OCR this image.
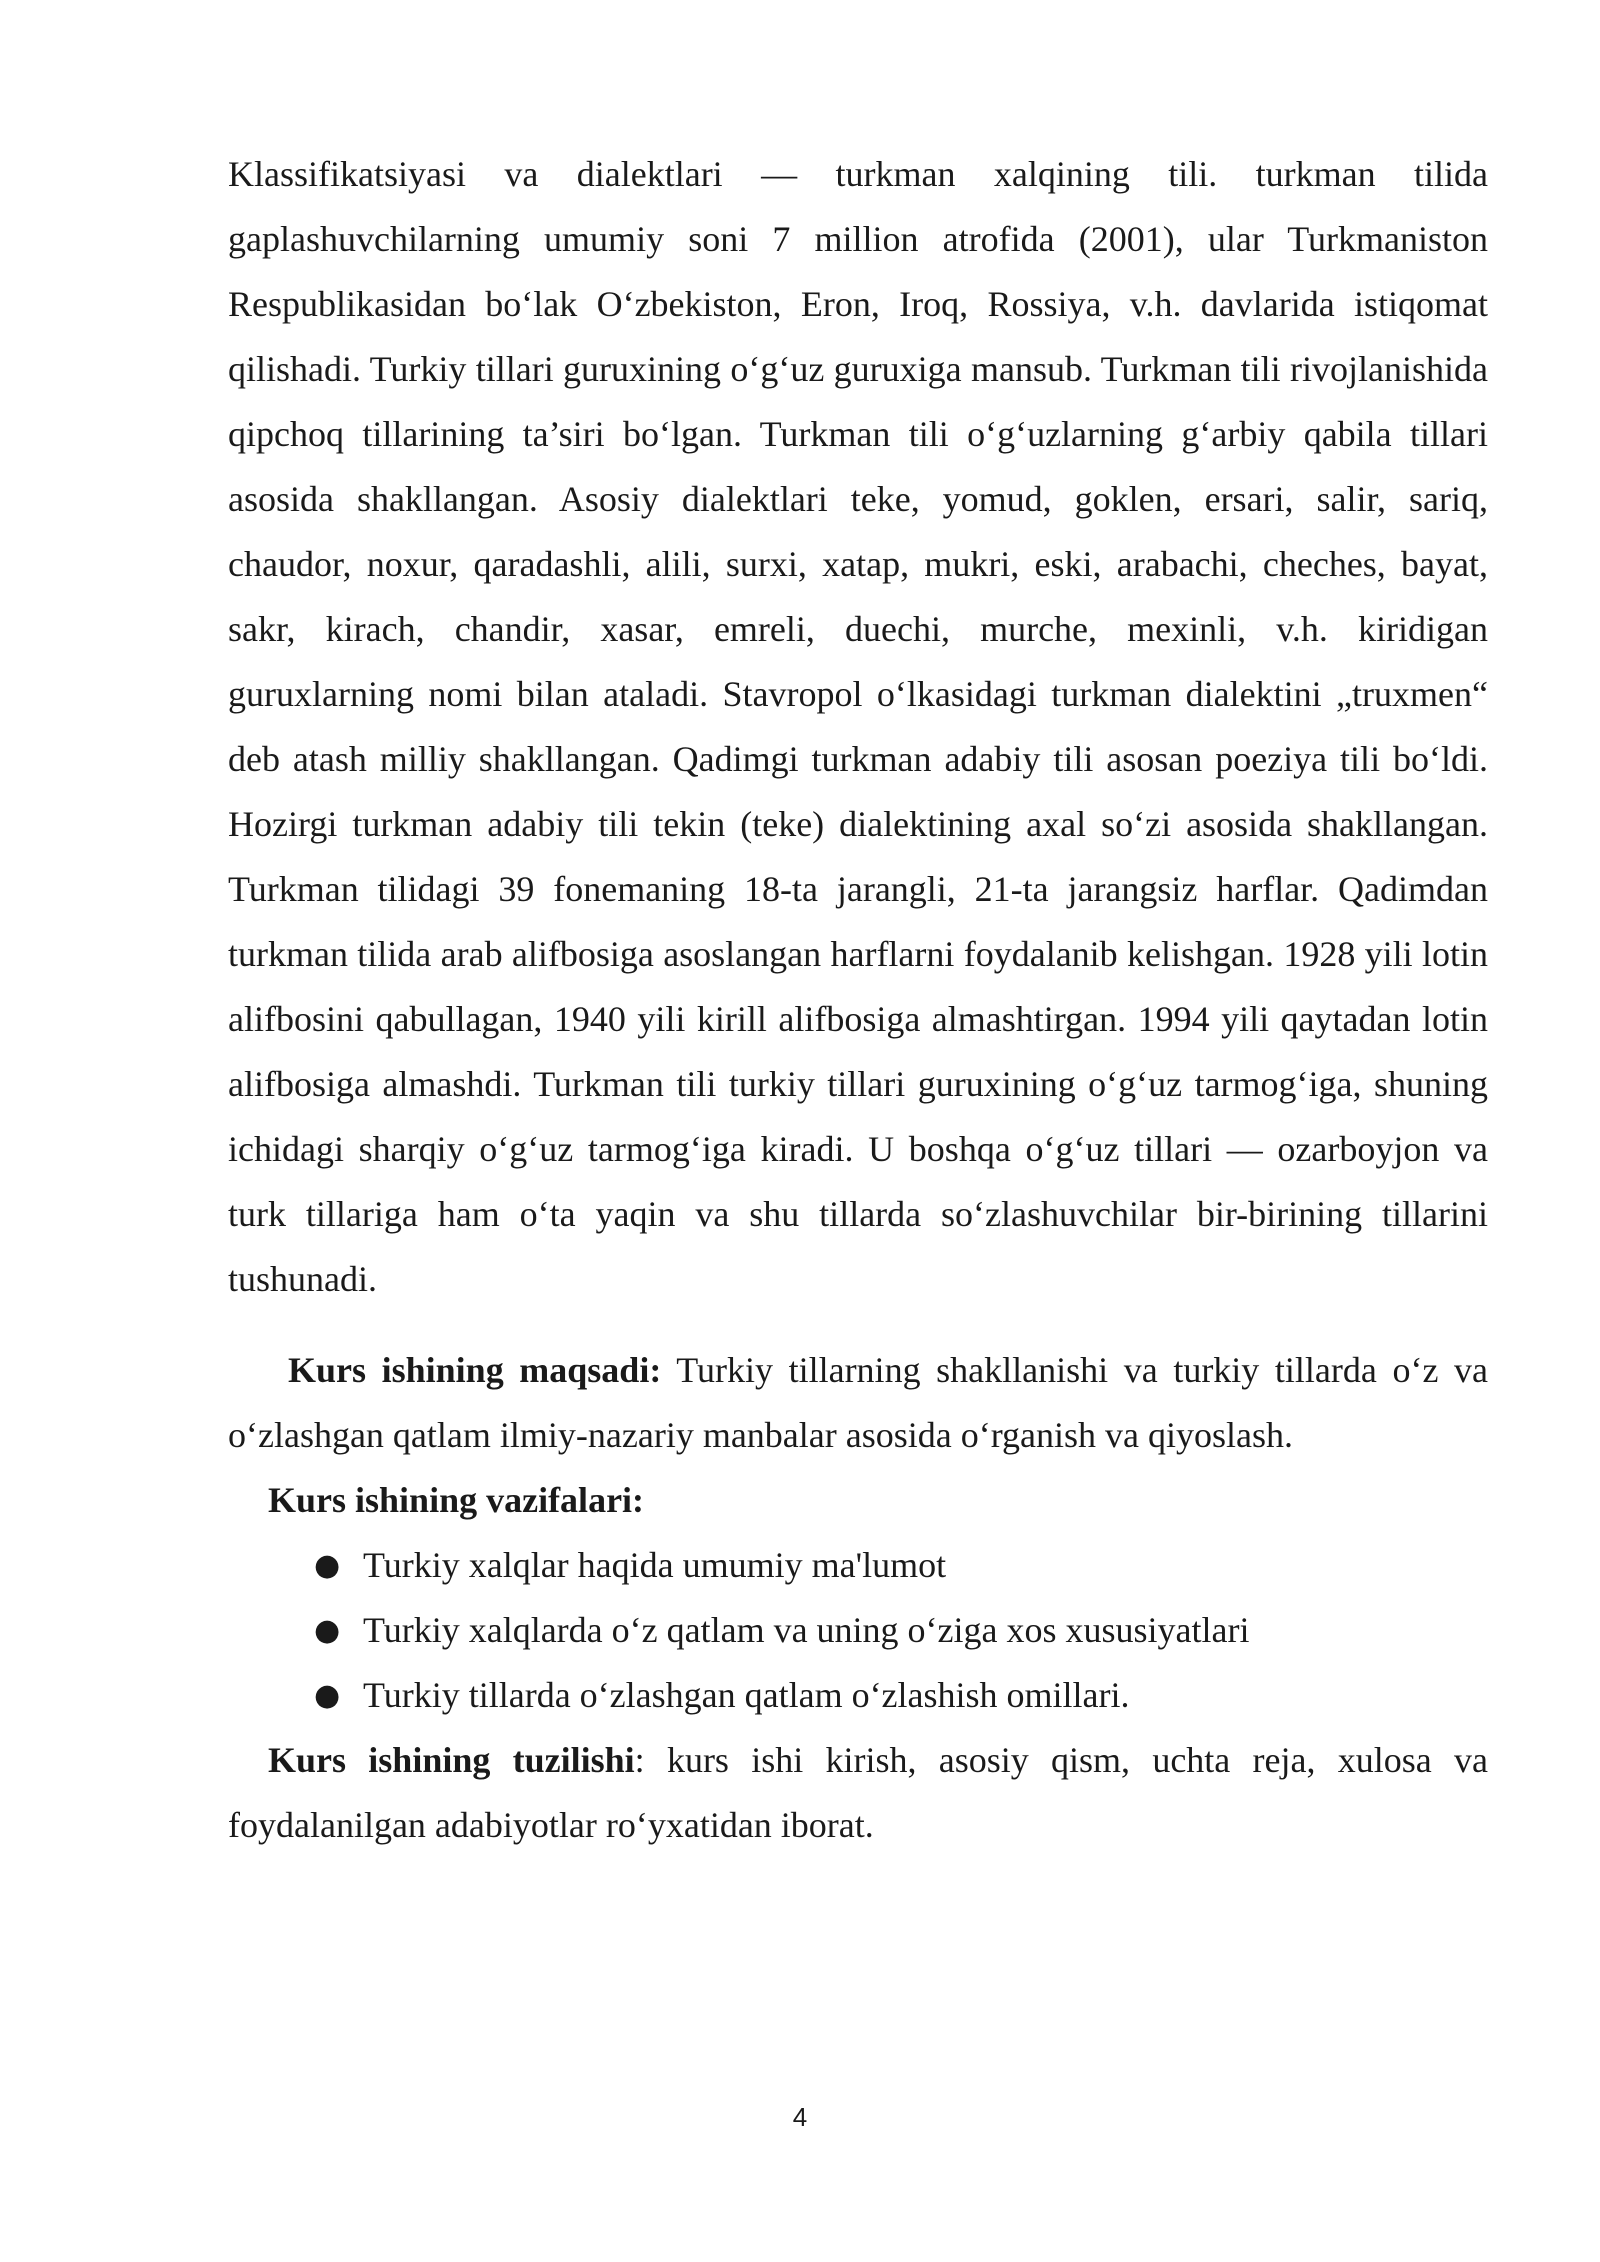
Klassifikatsiyasi va dialektlari — turkman xalqining tili. turkman tilida gaplashuvchilarning umumiy soni 7 million atrofida (2001), ular Turkmaniston Respublikasidan boʻlak Oʻzbekiston, Eron, Iroq, Rossiya, v.h. davlarida istiqomat qilishadi. Turkiy tillari guruxining oʻgʻuz guruxiga mansub. Turkman tili rivojlanishida qipchoq tillarining ta’siri boʻlgan. Turkman tili oʻgʻuzlarning gʻarbiy qabila tillari asosida shakllangan. Asosiy dialektlari teke, yomud, goklen, ersari, salir, sariq, chaudor, noxur, qaradashli, alili, surxi, xatap, mukri, eski, arabachi, cheches, bayat, sakr, kirach, chandir, xasar, emreli, duechi, murche, mexinli, v.h. kiridigan guruxlarning nomi bilan ataladi. Stavropol oʻlkasidagi turkman dialektini „truxmen“ deb atash milliy shakllangan. Qadimgi turkman adabiy tili asosan poeziya tili boʻldi. Hozirgi turkman adabiy tili tekin (teke) dialektining axal soʻzi asosida shakllangan. Turkman tilidagi 39 fonemaning 18-ta jarangli, 21-ta jarangsiz harflar. Qadimdan turkman tilida arab alifbosiga asoslangan harflarni foydalanib kelishgan. 1928 yili lotin alifbosini qabullagan, 1940 yili kirill alifbosiga almashtirgan. 1994 yili qaytadan lotin alifbosiga almashdi. Turkman tili turkiy tillari guruxining oʻgʻuz tarmogʻiga, shuning ichidagi sharqiy oʻgʻuz tarmogʻiga kiradi. U boshqa oʻgʻuz tillari — ozarboyjon va turk tillariga ham oʻta yaqin va shu tillarda soʻzlashuvchilar bir-birining tillarini tushunadi.

Kurs ishining maqsadi: Turkiy tillarning shakllanishi va turkiy tillarda oʻz va oʻzlashgan qatlam ilmiy-nazariy manbalar asosida oʻrganish va qiyoslash.

Kurs ishining vazifalari:

● Turkiy xalqlar haqida umumiy ma'lumot
● Turkiy xalqlarda oʻz qatlam va uning oʻziga xos xususiyatlari
● Turkiy tillarda oʻzlashgan qatlam oʻzlashish omillari.

Kurs ishining tuzilishi: kurs ishi kirish, asosiy qism, uchta reja, xulosa va foydalanilgan adabiyotlar roʻyxatidan iborat.

4
